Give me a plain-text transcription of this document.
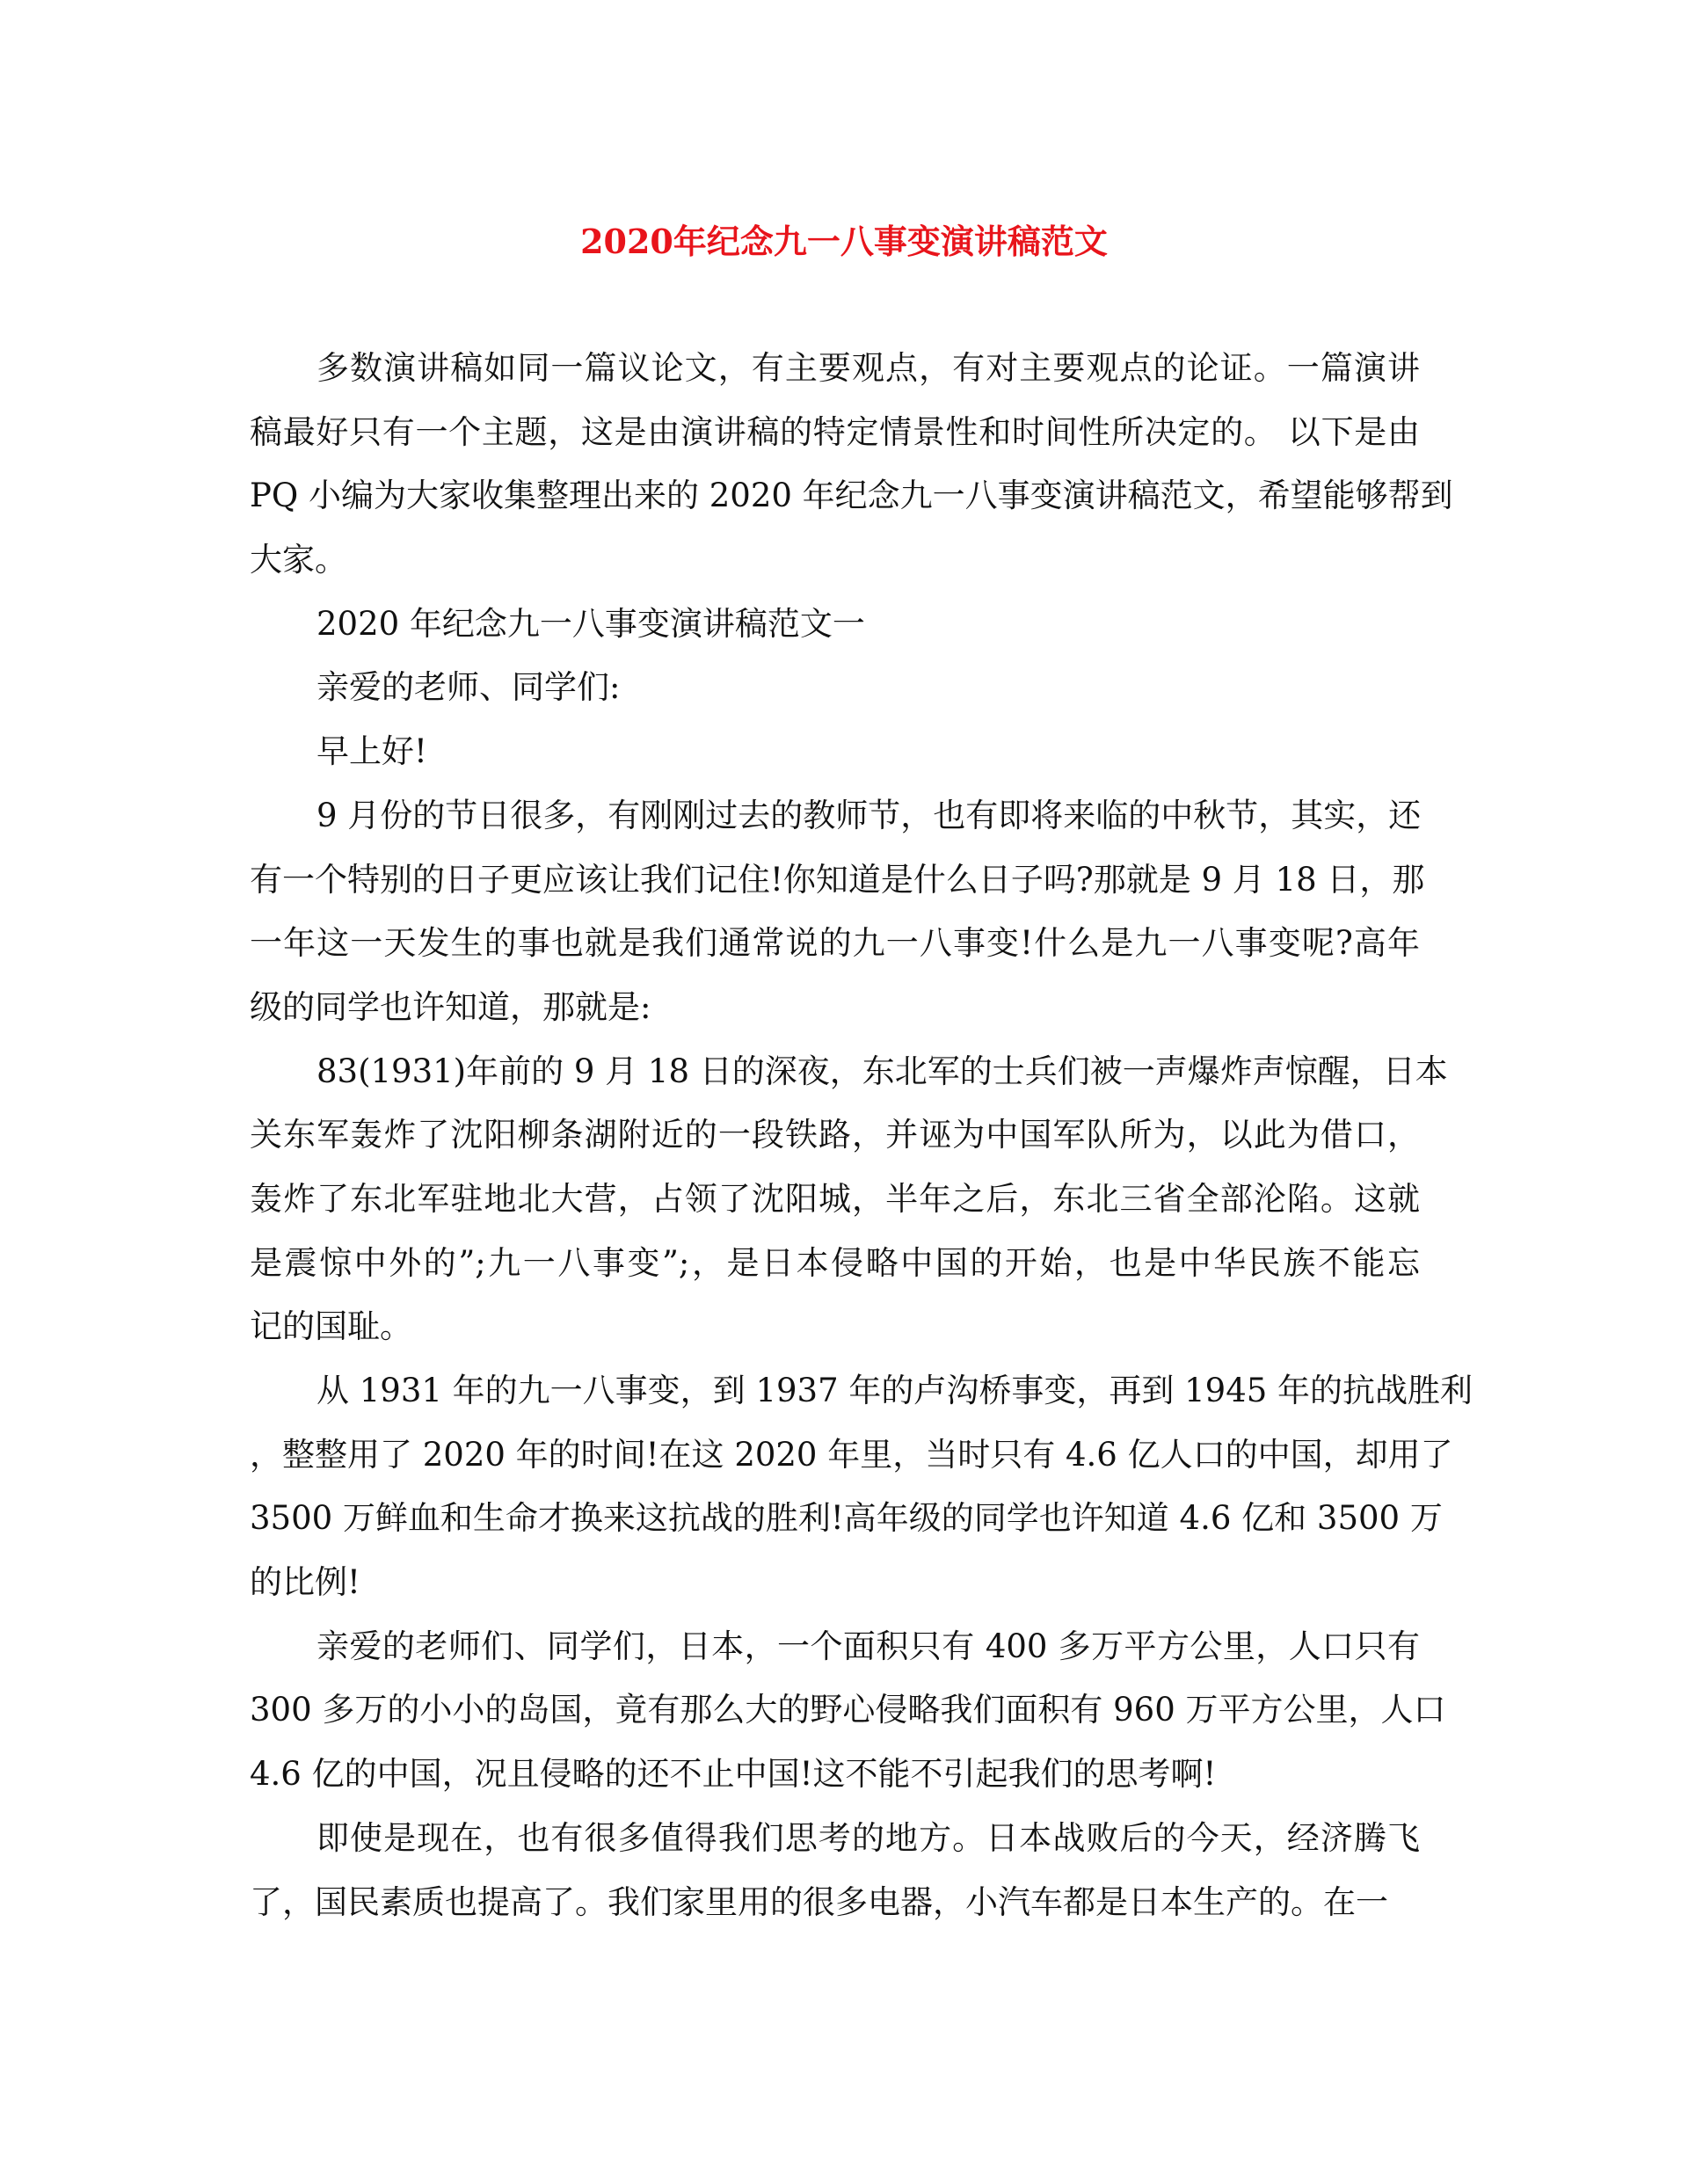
2020年纪念九一八事变演讲稿范文
多数演讲稿如同一篇议论文，有主要观点，有对主要观点的论证。一篇演讲
稿最好只有一个主题，这是由演讲稿的特定情景性和时间性所决定的。 以下是由
PQ 小编为大家收集整理出来的 2020 年纪念九一八事变演讲稿范文，希望能够帮到
大家。
2020 年纪念九一八事变演讲稿范文一
亲爱的老师、同学们:
早上好!
9 月份的节日很多，有刚刚过去的教师节，也有即将来临的中秋节，其实，还
有一个特别的日子更应该让我们记住!你知道是什么日子吗?那就是 9 月 18 日，那
一年这一天发生的事也就是我们通常说的九一八事变!什么是九一八事变呢?高年
级的同学也许知道，那就是:
83(1931)年前的 9 月 18 日的深夜，东北军的士兵们被一声爆炸声惊醒，日本
关东军轰炸了沈阳柳条湖附近的一段铁路，并诬为中国军队所为，以此为借口，
轰炸了东北军驻地北大营，占领了沈阳城，半年之后，东北三省全部沦陷。这就
是震惊中外的”;九一八事变”;，是日本侵略中国的开始，也是中华民族不能忘
记的国耻。
从 1931 年的九一八事变，到 1937 年的卢沟桥事变，再到 1945 年的抗战胜利
，整整用了 2020 年的时间!在这 2020 年里，当时只有 4.6 亿人口的中国，却用了
3500 万鲜血和生命才换来这抗战的胜利!高年级的同学也许知道 4.6 亿和 3500 万
的比例!
亲爱的老师们、同学们，日本，一个面积只有 400 多万平方公里，人口只有
300 多万的小小的岛国，竟有那么大的野心侵略我们面积有 960 万平方公里，人口
4.6 亿的中国，况且侵略的还不止中国!这不能不引起我们的思考啊!
即使是现在，也有很多值得我们思考的地方。日本战败后的今天，经济腾飞
了，国民素质也提高了。我们家里用的很多电器，小汽车都是日本生产的。在一
